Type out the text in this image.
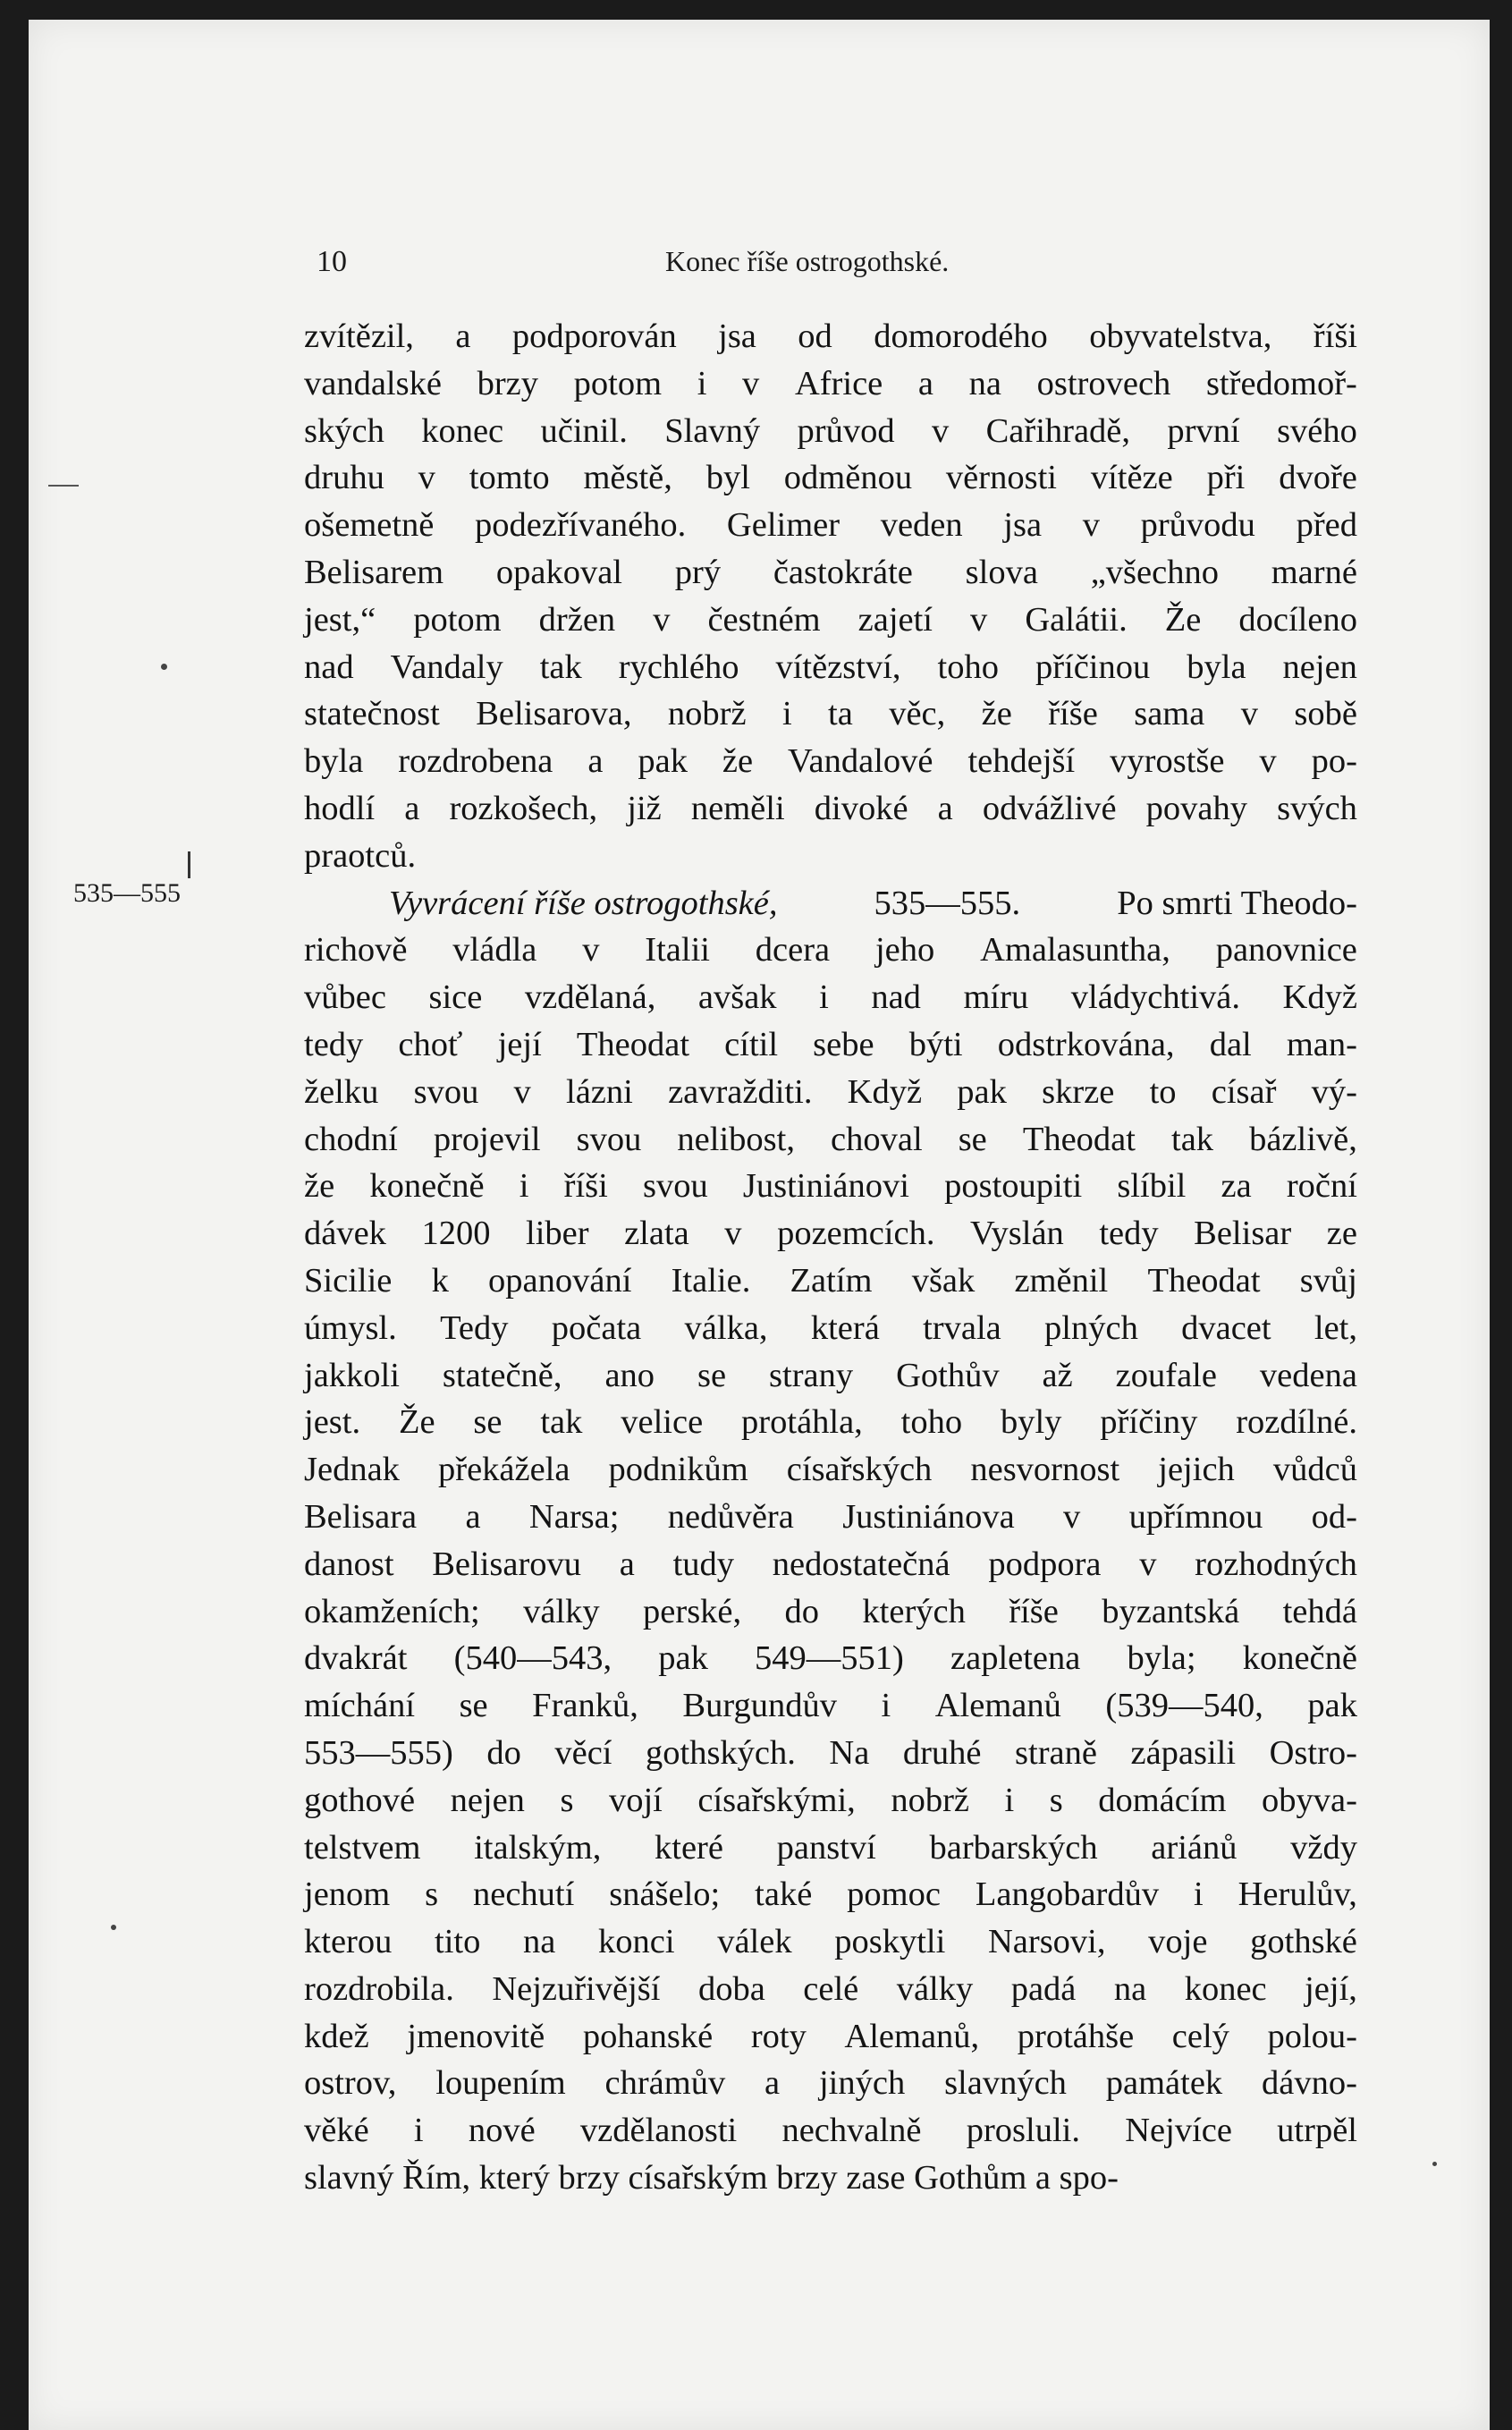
10	Konec říše ostrogothské.
535—555
zvítězil, a podporován jsa od domorodého obyvatelstva, říši
vandalské brzy potom i v Africe a na ostrovech středomoř-
ských konec učinil. Slavný průvod v Cařihradě, první svého
druhu v tomto městě, byl odměnou věrnosti vítěze při dvoře
ošemetně podezřívaného. Gelimer veden jsa v průvodu před
Belisarem opakoval prý častokráte slova „všechno marné
jest,“ potom držen v čestném zajetí v Galátii. Že docíleno
nad Vandaly tak rychlého vítězství, toho příčinou byla nejen
statečnost Belisarova, nobrž i ta věc, že říše sama v sobě
byla rozdrobena a pak že Vandalové tehdejší vyrostše v po-
hodlí a rozkošech, již neměli divoké a odvážlivé povahy svých
praotců.
Vyvrácení říše ostrogothské,	535—555.	Po smrti Theodo-
richově vládla v Italii dcera jeho Amalasuntha, panovnice
vůbec sice vzdělaná, avšak i nad míru vládychtivá. Když
tedy choť její Theodat cítil sebe býti odstrkována, dal man-
želku svou v lázni zavražditi. Když pak skrze to císař vý-
chodní projevil svou nelibost, choval se Theodat tak bázlivě,
že konečně i říši svou Justiniánovi postoupiti slíbil za roční
dávek 1200 liber zlata v pozemcích. Vyslán tedy Belisar ze
Sicilie k opanování Italie. Zatím však změnil Theodat svůj
úmysl. Tedy počata válka, která trvala plných dvacet let,
jakkoli statečně, ano se strany Gothův až zoufale vedena
jest. Že se tak velice protáhla, toho byly příčiny rozdílné.
Jednak překážela podnikům císařských nesvornost jejich vůdců
Belisara a Narsa; nedůvěra Justiniánova v upřímnou od-
danost Belisarovu a tudy nedostatečná podpora v rozhodných
okamženích; války perské, do kterých říše byzantská tehdá
dvakrát (540—543, pak 549—551) zapletena byla; konečně
míchání se Franků, Burgundův i Alemanů (539—540, pak
553—555) do věcí gothských. Na druhé straně zápasili Ostro-
gothové nejen s vojí císařskými, nobrž i s domácím obyva-
telstvem italským, které panství barbarských ariánů vždy
jenom s nechutí snášelo; také pomoc Langobardův i Herulův,
kterou tito na konci válek poskytli Narsovi, voje gothské
rozdrobila. Nejzuřivější doba celé války padá na konec její,
kdež jmenovitě pohanské roty Alemanů, protáhše celý polou-
ostrov, loupením chrámův a jiných slavných památek dávno-
věké i nové vzdělanosti nechvalně prosluli. Nejvíce utrpěl
slavný Řím, který brzy císařským brzy zase Gothům a spo-
